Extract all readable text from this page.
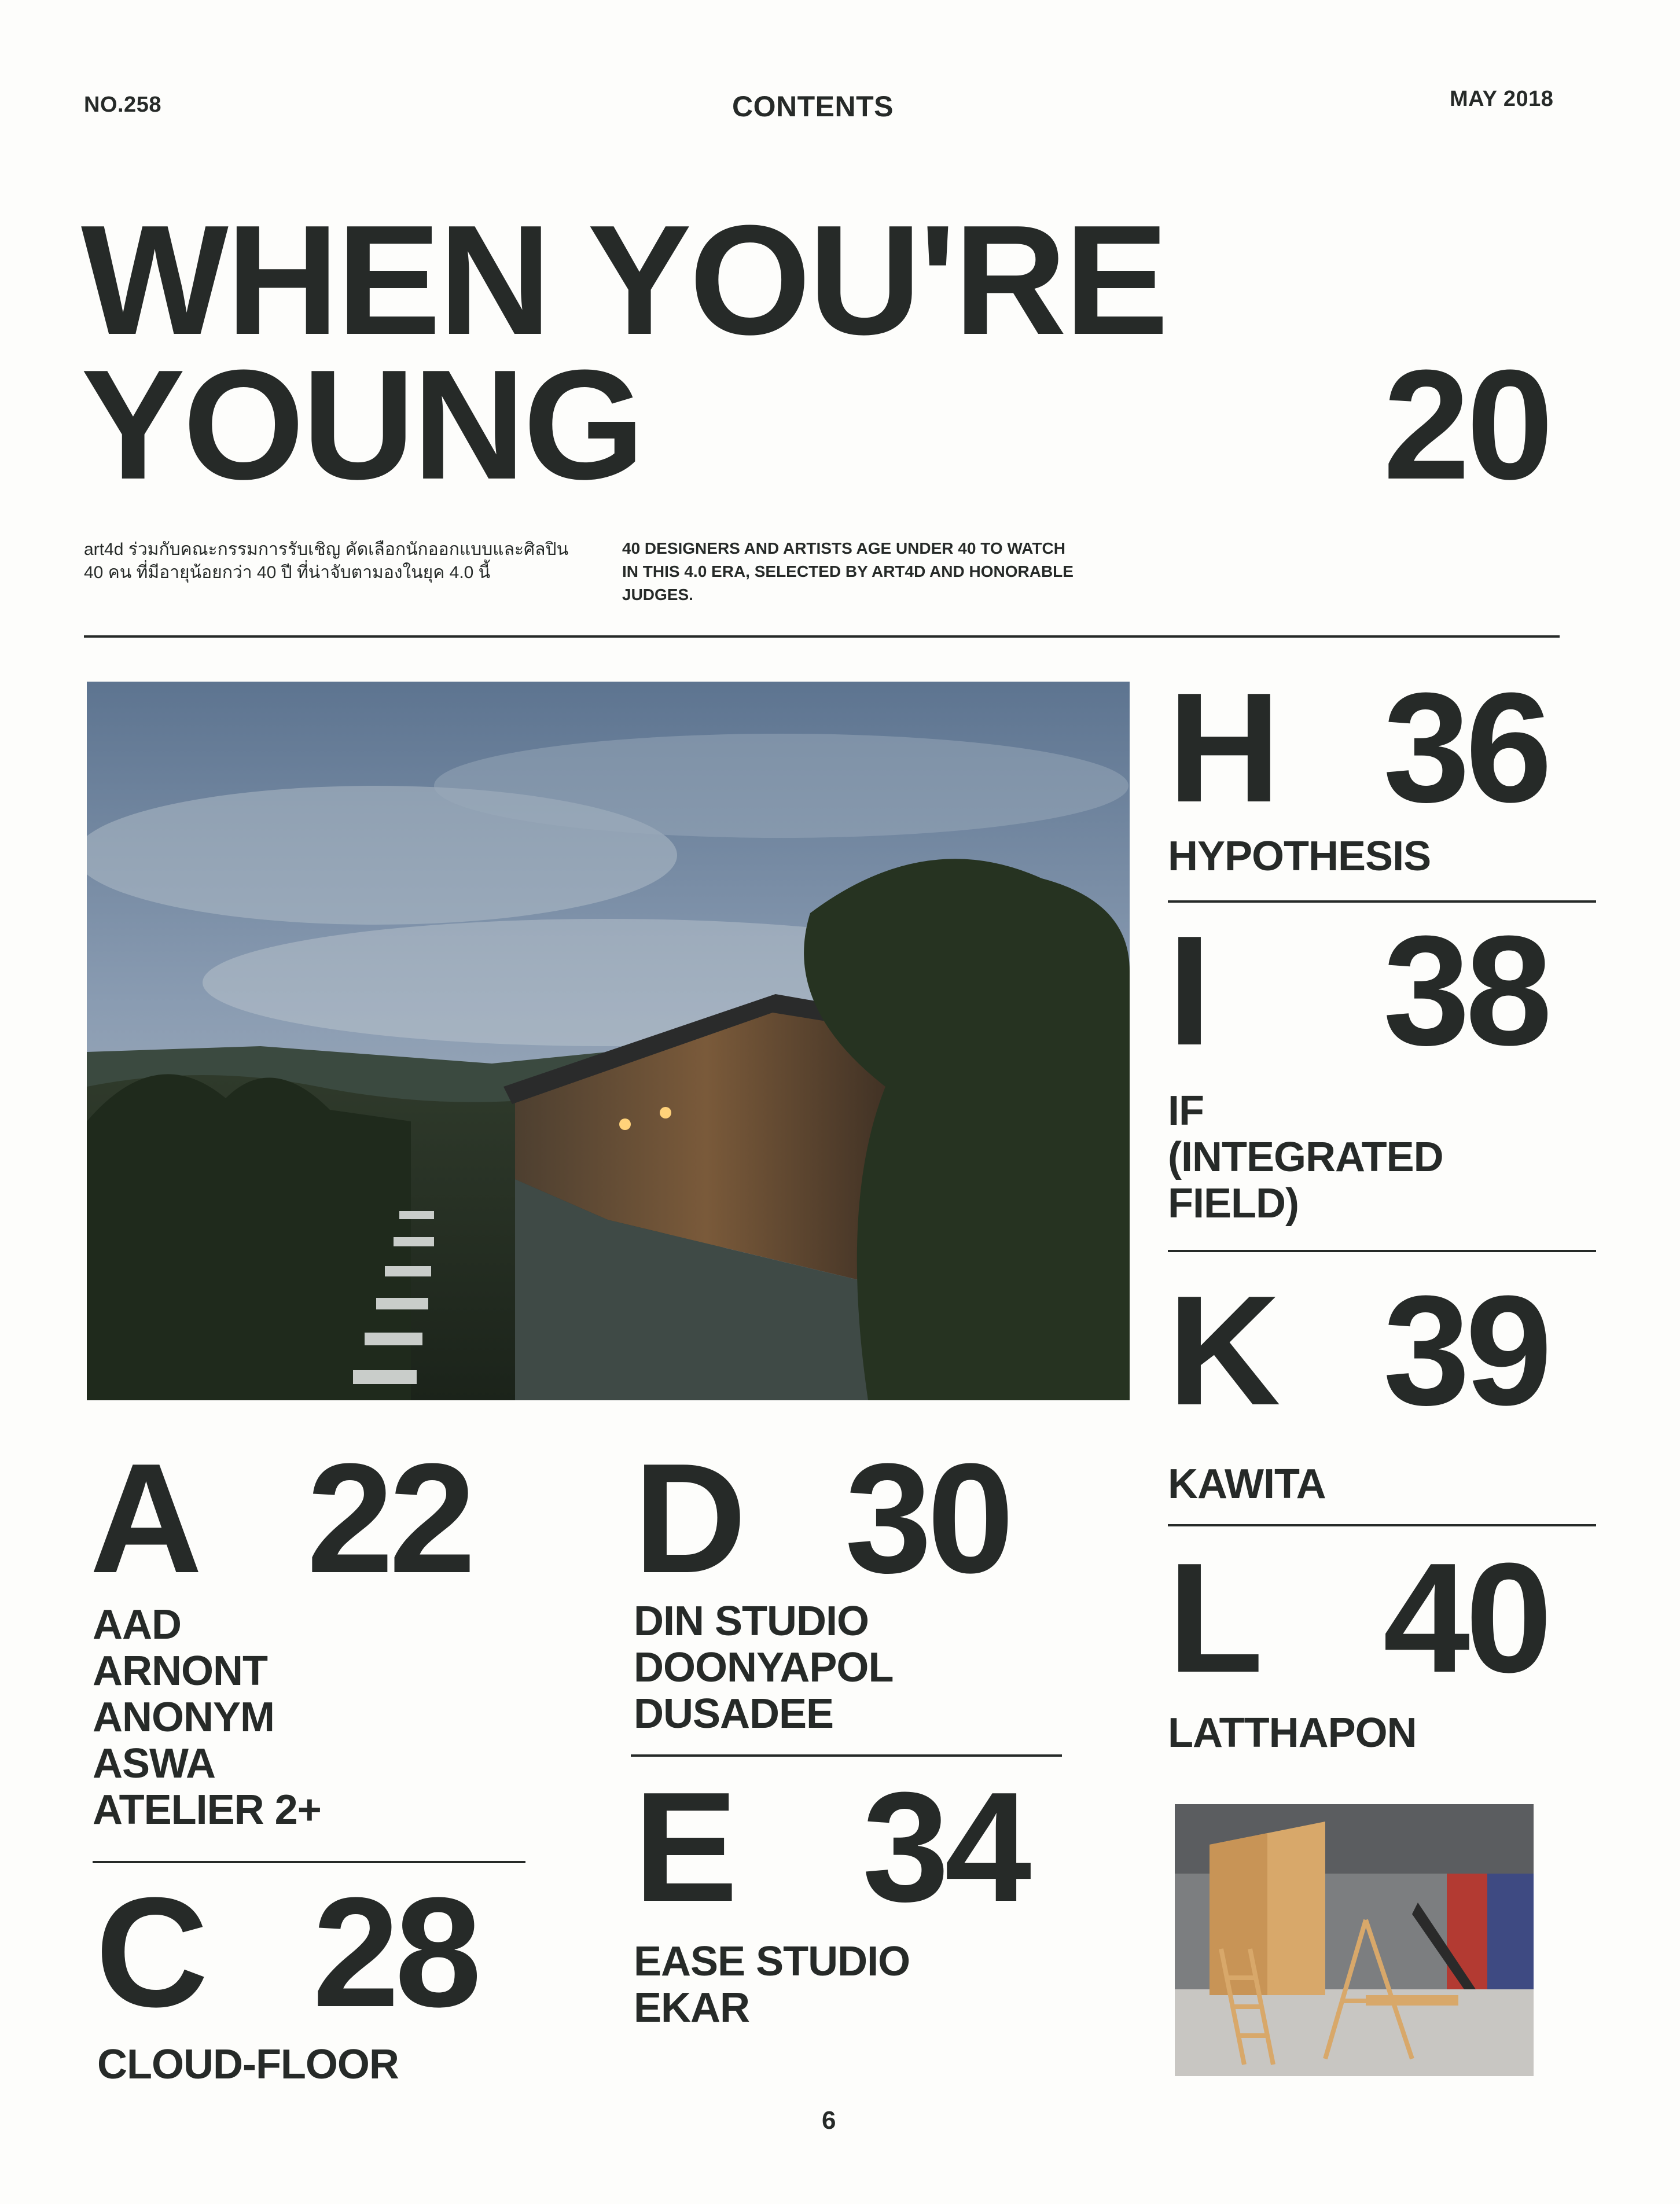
NO.258	CONTENTS	MAY 2018
WHEN YOU'RE
YOUNG	20
art4d ร่วมกับคณะกรรมการรับเชิญ คัดเลือกนักออกแบบและศิลปิน
40 คน ที่มีอายุน้อยกว่า 40 ปี ที่น่าจับตามองในยุค 4.0 นี้
40 DESIGNERS AND ARTISTS AGE UNDER 40 TO WATCH
IN THIS 4.0 ERA, SELECTED BY ART4D AND HONORABLE
JUDGES.
H 36
HYPOTHESIS
I 38
IF
(INTEGRATED
FIELD)
K 39
KAWITA
L 40
LATTHAPON
A 22
AAD
ARNONT
ANONYM
ASWA
ATELIER 2+
C 28
CLOUD-FLOOR
D 30
DIN STUDIO
DOONYAPOL
DUSADEE
E 34
EASE STUDIO
EKAR
6
